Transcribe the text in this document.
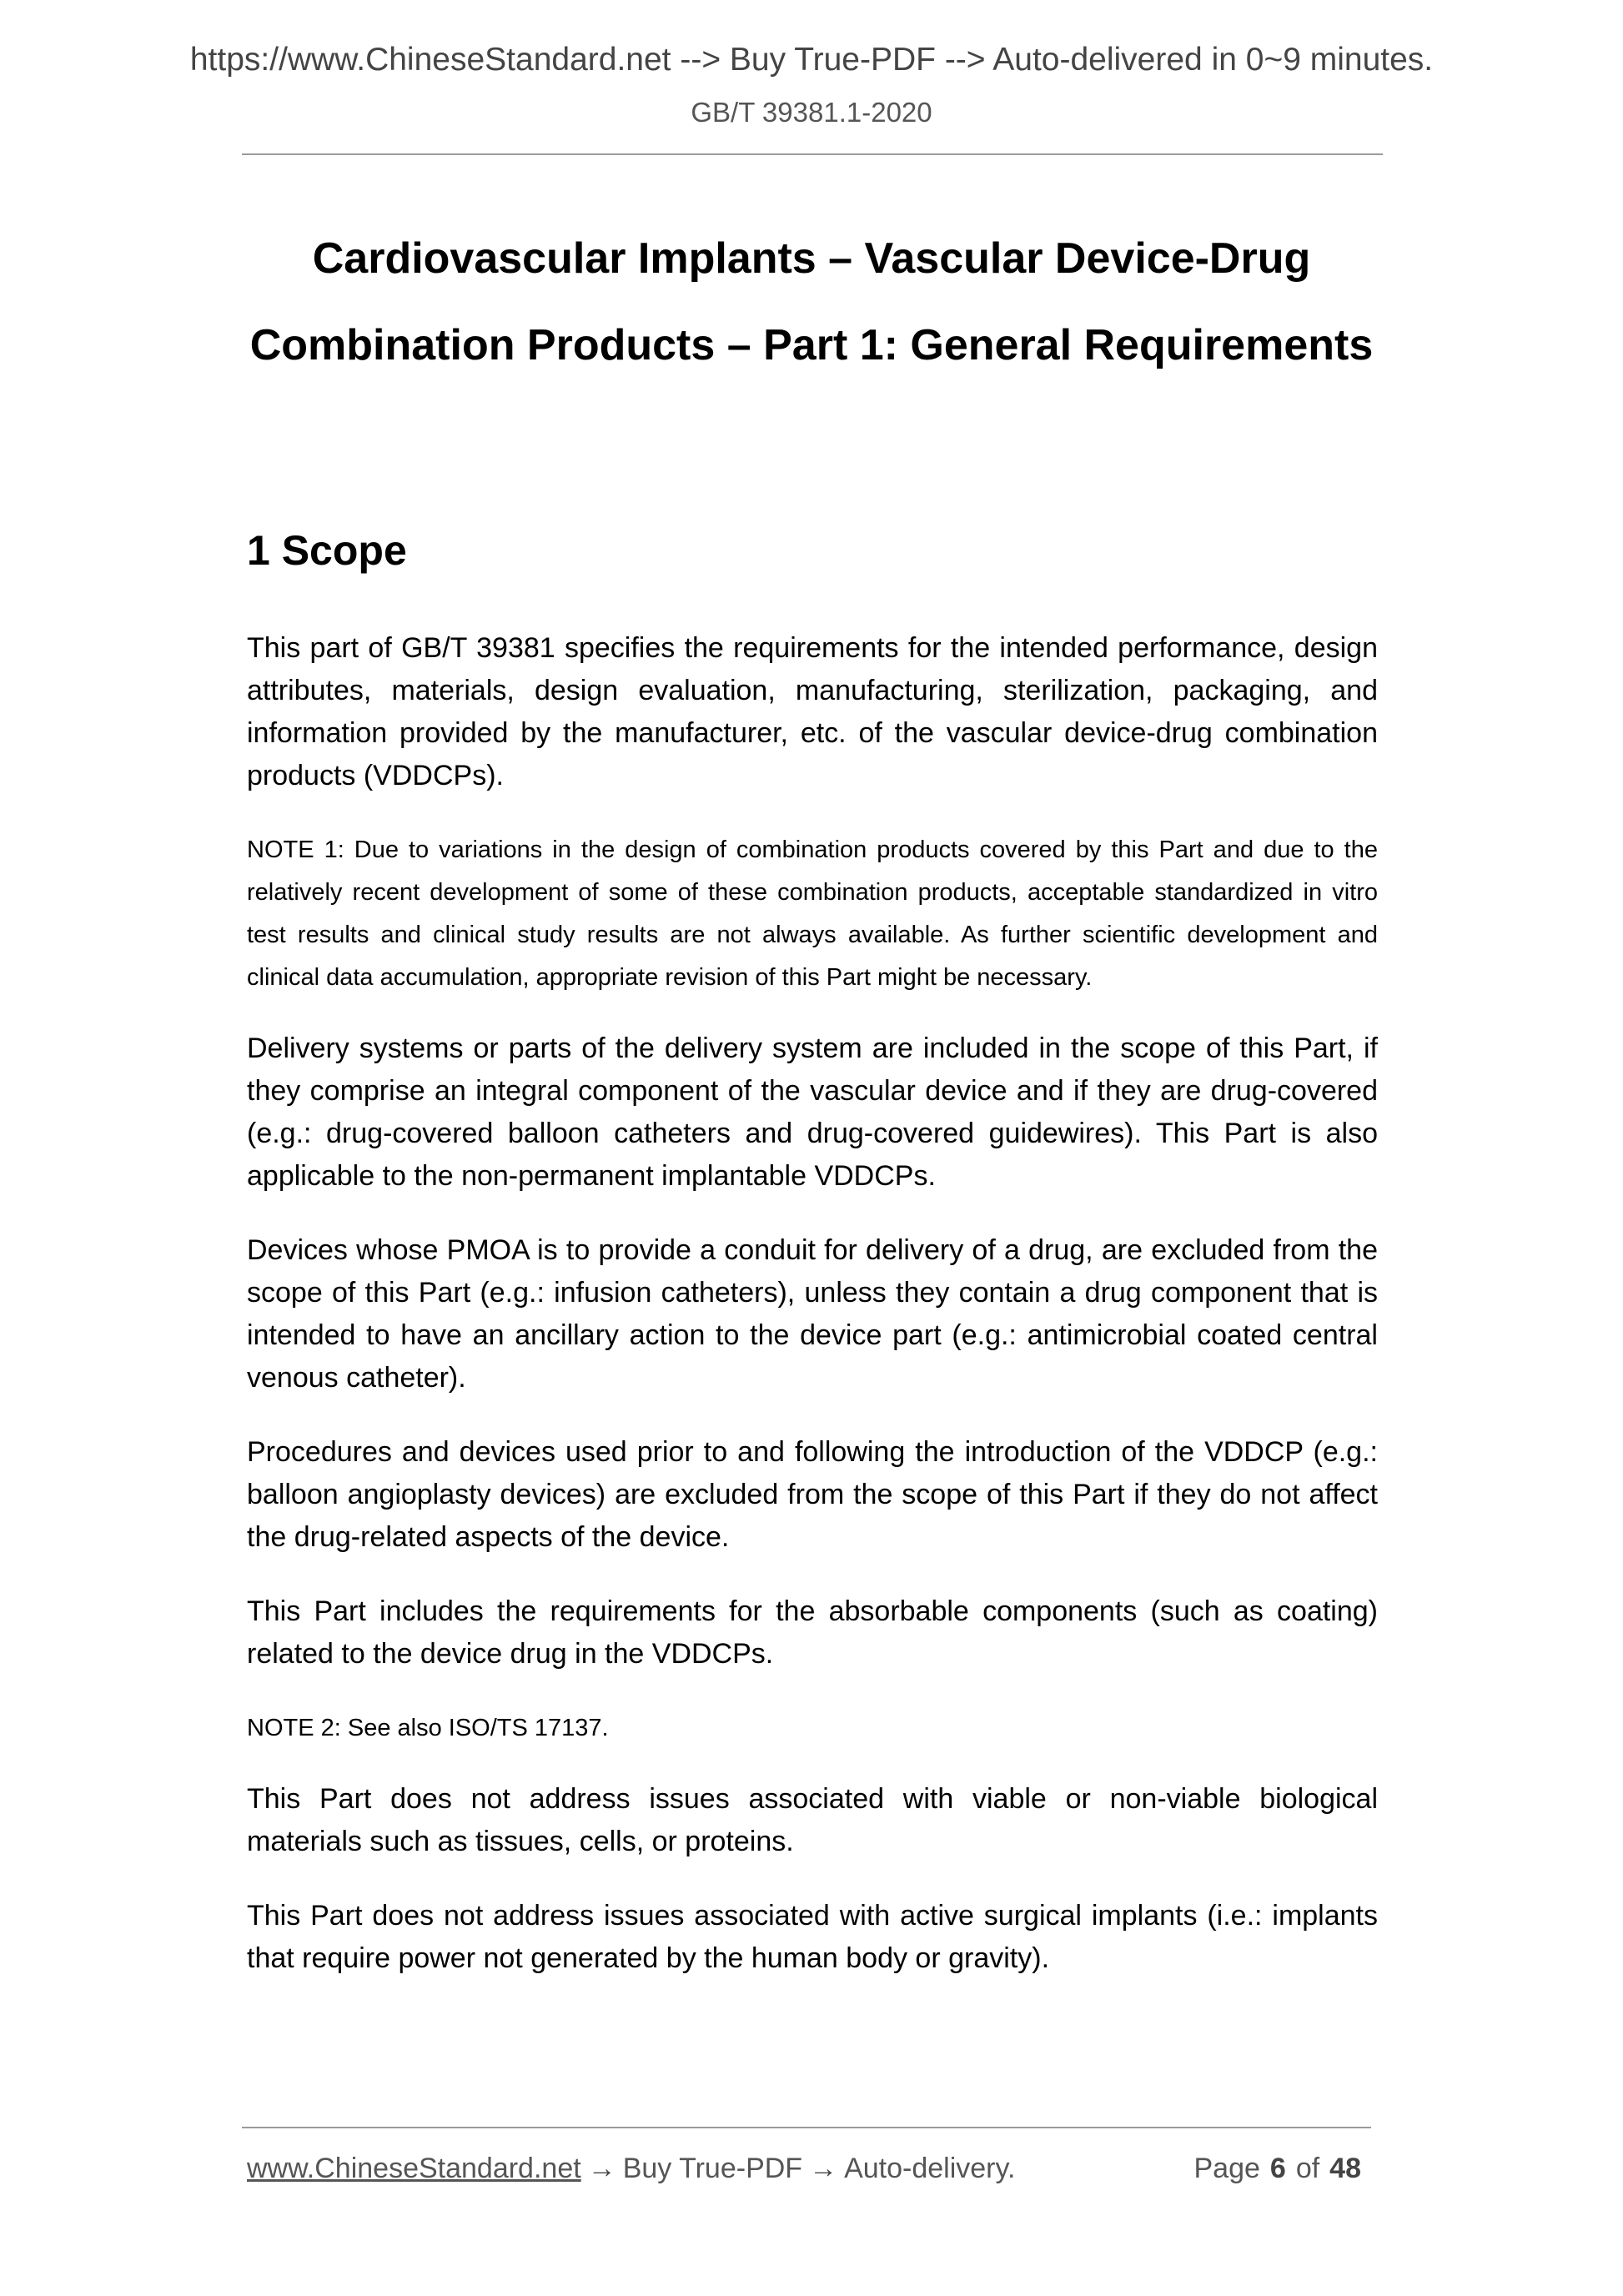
https://www.ChineseStandard.net --> Buy True-PDF --> Auto-delivered in 0~9 minutes.
GB/T 39381.1-2020
Cardiovascular Implants – Vascular Device-Drug
Combination Products – Part 1: General Requirements
1 Scope

This part of GB/T 39381 specifies the requirements for the intended performance, design attributes, materials, design evaluation, manufacturing, sterilization, packaging, and information provided by the manufacturer, etc. of the vascular device-drug combination products (VDDCPs).

NOTE 1: Due to variations in the design of combination products covered by this Part and due to the relatively recent development of some of these combination products, acceptable standardized in vitro test results and clinical study results are not always available. As further scientific development and clinical data accumulation, appropriate revision of this Part might be necessary.

Delivery systems or parts of the delivery system are included in the scope of this Part, if they comprise an integral component of the vascular device and if they are drug-covered (e.g.: drug-covered balloon catheters and drug-covered guidewires). This Part is also applicable to the non-permanent implantable VDDCPs.

Devices whose PMOA is to provide a conduit for delivery of a drug, are excluded from the scope of this Part (e.g.: infusion catheters), unless they contain a drug component that is intended to have an ancillary action to the device part (e.g.: antimicrobial coated central venous catheter).

Procedures and devices used prior to and following the introduction of the VDDCP (e.g.: balloon angioplasty devices) are excluded from the scope of this Part if they do not affect the drug-related aspects of the device.

This Part includes the requirements for the absorbable components (such as coating) related to the device drug in the VDDCPs.

NOTE 2: See also ISO/TS 17137.

This Part does not address issues associated with viable or non-viable biological materials such as tissues, cells, or proteins.

This Part does not address issues associated with active surgical implants (i.e.: implants that require power not generated by the human body or gravity).

www.ChineseStandard.net → Buy True-PDF → Auto-delivery.	Page 6 of 48
